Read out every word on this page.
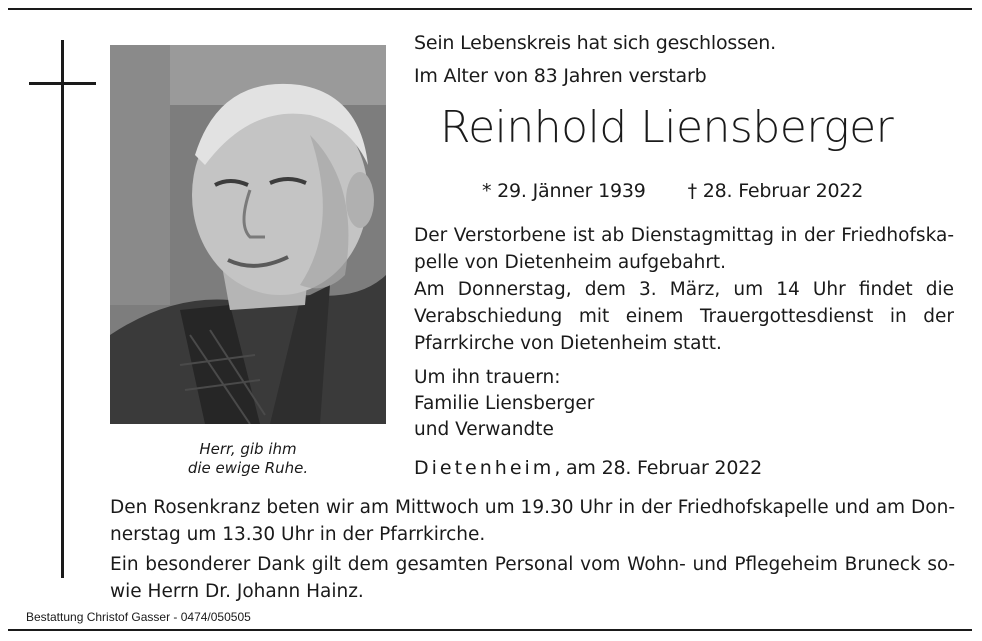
Herr, gib ihm
die ewige Ruhe.
Sein Lebenskreis hat sich geschlossen.
Im Alter von 83 Jahren verstarb
Reinhold Liensberger
* 29. Jänner 1939 † 28. Februar 2022
Der Verstorbene ist ab Dienstagmittag in der Friedhofskapelle von Dietenheim aufgebahrt.
Am Donnerstag, dem 3. März, um 14 Uhr findet die Verabschiedung mit einem Trauergottesdienst in der Pfarrkirche von Dietenheim statt.
Um ihn trauern:
Familie Liensberger
und Verwandte
Dietenheim, am 28. Februar 2022
Den Rosenkranz beten wir am Mittwoch um 19.30 Uhr in der Friedhofskapelle und am Donnerstag um 13.30 Uhr in der Pfarrkirche.
Ein besonderer Dank gilt dem gesamten Personal vom Wohn- und Pflegeheim Bruneck sowie Herrn Dr. Johann Hainz.
Bestattung Christof Gasser - 0474/050505
